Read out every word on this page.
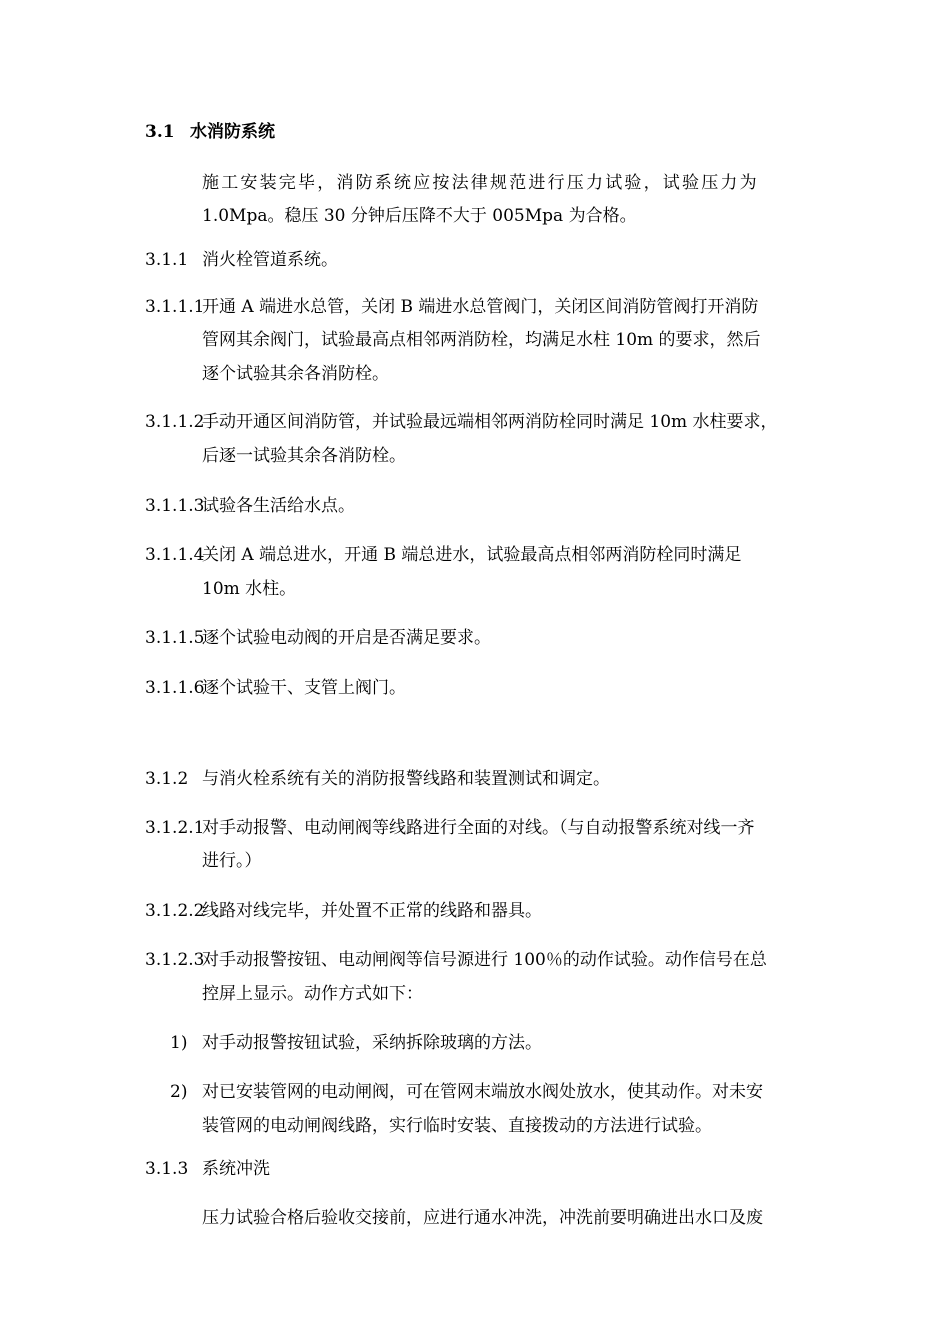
3.1 水消防系统
施工安装完毕，消防系统应按法律规范进行压力试验，试验压力为
1.0Mpa。稳压 30 分钟后压降不大于 005Mpa 为合格。
3.1.1 消火栓管道系统。
3.1.1.1
开通 A 端进水总管，关闭 B 端进水总管阀门，关闭区间消防管阀打开消防
管网其余阀门，试验最高点相邻两消防栓，均满足水柱 10m 的要求，然后
逐个试验其余各消防栓。
3.1.1.2
手动开通区间消防管，并试验最远端相邻两消防栓同时满足 10m 水柱要求，
后逐一试验其余各消防栓。
3.1.1.3
试验各生活给水点。
3.1.1.4
关闭 A 端总进水，开通 B 端总进水，试验最高点相邻两消防栓同时满足
10m 水柱。
3.1.1.5
逐个试验电动阀的开启是否满足要求。
3.1.1.6
逐个试验干、支管上阀门。
3.1.2 与消火栓系统有关的消防报警线路和装置测试和调定。
3.1.2.1
对手动报警、电动闸阀等线路进行全面的对线。（与自动报警系统对线一齐
进行。）
3.1.2.2
线路对线完毕，并处置不正常的线路和器具。
3.1.2.3
对手动报警按钮、电动闸阀等信号源进行 100％的动作试验。动作信号在总
控屏上显示。动作方式如下：
1) 对手动报警按钮试验，采纳拆除玻璃的方法。
2) 对已安装管网的电动闸阀，可在管网末端放水阀处放水，使其动作。对未安
装管网的电动闸阀线路，实行临时安装、直接拨动的方法进行试验。
3.1.3 系统冲洗
压力试验合格后验收交接前，应进行通水冲洗，冲洗前要明确进出水口及废
